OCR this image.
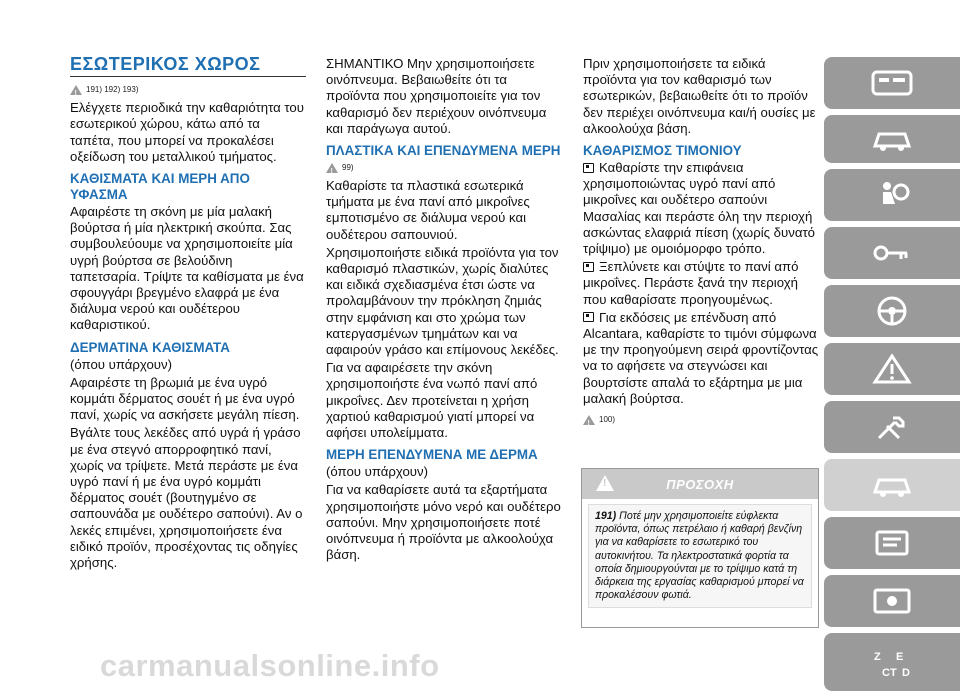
ΕΣΩΤΕΡΙΚΟΣ ΧΩΡΟΣ
!
191) 192) 193)

Ελέγχετε περιοδικά την καθαριότητα του εσωτερικού χώρου, κάτω από τα ταπέτα, που μπορεί να προκαλέσει οξείδωση του μεταλλικού τμήματος.

ΚΑΘΙΣΜΑΤΑ ΚΑΙ ΜΕΡΗ ΑΠΟ ΥΦΑΣΜΑ

Αφαιρέστε τη σκόνη με μία μαλακή βούρτσα ή μία ηλεκτρική σκούπα. Σας συμβουλεύουμε να χρησιμοποιείτε μία υγρή βούρτσα σε βελούδινη ταπετσαρία. Τρίψτε τα καθίσματα με ένα σφουγγάρι βρεγμένο ελαφρά με ένα διάλυμα νερού και ουδέτερου καθαριστικού.

ΔΕΡΜΑΤΙΝΑ ΚΑΘΙΣΜΑΤΑ

(όπου υπάρχουν)

Αφαιρέστε τη βρωμιά με ένα υγρό κομμάτι δέρματος σουέτ ή με ένα υγρό πανί, χωρίς να ασκήσετε μεγάλη πίεση.

Βγάλτε τους λεκέδες από υγρά ή γράσο με ένα στεγνό απορροφητικό πανί, χωρίς να τρίψετε. Μετά περάστε με ένα υγρό πανί ή με ένα υγρό κομμάτι δέρματος σουέτ (βουτηγμένο σε σαπουνάδα με ουδέτερο σαπούνι). Αν ο λεκές επιμένει, χρησιμοποιήσετε ένα ειδικό προϊόν, προσέχοντας τις οδηγίες χρήσης.

ΣΗΜΑΝΤΙΚΟ Μην χρησιμοποιήσετε οινόπνευμα. Βεβαιωθείτε ότι τα προϊόντα που χρησιμοποιείτε για τον καθαρισμό δεν περιέχουν οινόπνευμα και παράγωγα αυτού.

ΠΛΑΣΤΙΚΑ ΚΑΙ ΕΠΕΝΔΥΜΕΝΑ ΜΕΡΗ
!
99)

Καθαρίστε τα πλαστικά εσωτερικά τμήματα με ένα πανί από μικροΐνες εμποτισμένο σε διάλυμα νερού και ουδέτερου σαπουνιού.

Χρησιμοποιήστε ειδικά προϊόντα για τον καθαρισμό πλαστικών, χωρίς διαλύτες και ειδικά σχεδιασμένα έτσι ώστε να προλαμβάνουν την πρόκληση ζημιάς στην εμφάνιση και στο χρώμα των κατεργασμένων τμημάτων και να αφαιρούν γράσο και επίμονους λεκέδες.

Για να αφαιρέσετε την σκόνη χρησιμοποιήστε ένα νωπό πανί από μικροΐνες. Δεν προτείνεται η χρήση χαρτιού καθαρισμού γιατί μπορεί να αφήσει υπολείμματα.

ΜΕΡΗ ΕΠΕΝΔΥΜΕΝΑ ΜΕ ΔΕΡΜΑ

(όπου υπάρχουν)

Για να καθαρίσετε αυτά τα εξαρτήματα χρησιμοποιήστε μόνο νερό και ουδέτερο σαπούνι. Μην χρησιμοποιήσετε ποτέ οινόπνευμα ή προϊόντα με αλκοολούχα βάση.

Πριν χρησιμοποιήσετε τα ειδικά προϊόντα για τον καθαρισμό των εσωτερικών, βεβαιωθείτε ότι το προϊόν δεν περιέχει οινόπνευμα και/ή ουσίες με αλκοολούχα βάση.

ΚΑΘΑΡΙΣΜΟΣ ΤΙΜΟΝΙΟΥ

Καθαρίστε την επιφάνεια χρησιμοποιώντας υγρό πανί από μικροΐνες και ουδέτερο σαπούνι Μασαλίας και περάστε όλη την περιοχή ασκώντας ελαφριά πίεση (χωρίς δυνατό τρίψιμο) με ομοιόμορφο τρόπο.

Ξεπλύνετε και στύψτε το πανί από μικροΐνες. Περάστε ξανά την περιοχή που καθαρίσατε προηγουμένως.

Για εκδόσεις με επένδυση από Alcantara, καθαρίστε το τιμόνι σύμφωνα με την προηγούμενη σειρά φροντίζοντας να το αφήσετε να στεγνώσει και βουρτσίστε απαλά το εξάρτημα με μια μαλακή βούρτσα.

!
100)
!
ΠΡΟΣΟΧΗ
191) Ποτέ μην χρησιμοποιείτε εύφλεκτα προϊόντα, όπως πετρέλαιο ή καθαρή βενζίνη για να καθαρίσετε το εσωτερικό του αυτοκινήτου. Τα ηλεκτροστατικά φορτία τα οποία δημιουργούνται με το τρίψιμο κατά τη διάρκεια της εργασίας καθαρισμού μπορεί να προκαλέσουν φωτιά.
Z E
CT D
carmanualsonline.info
